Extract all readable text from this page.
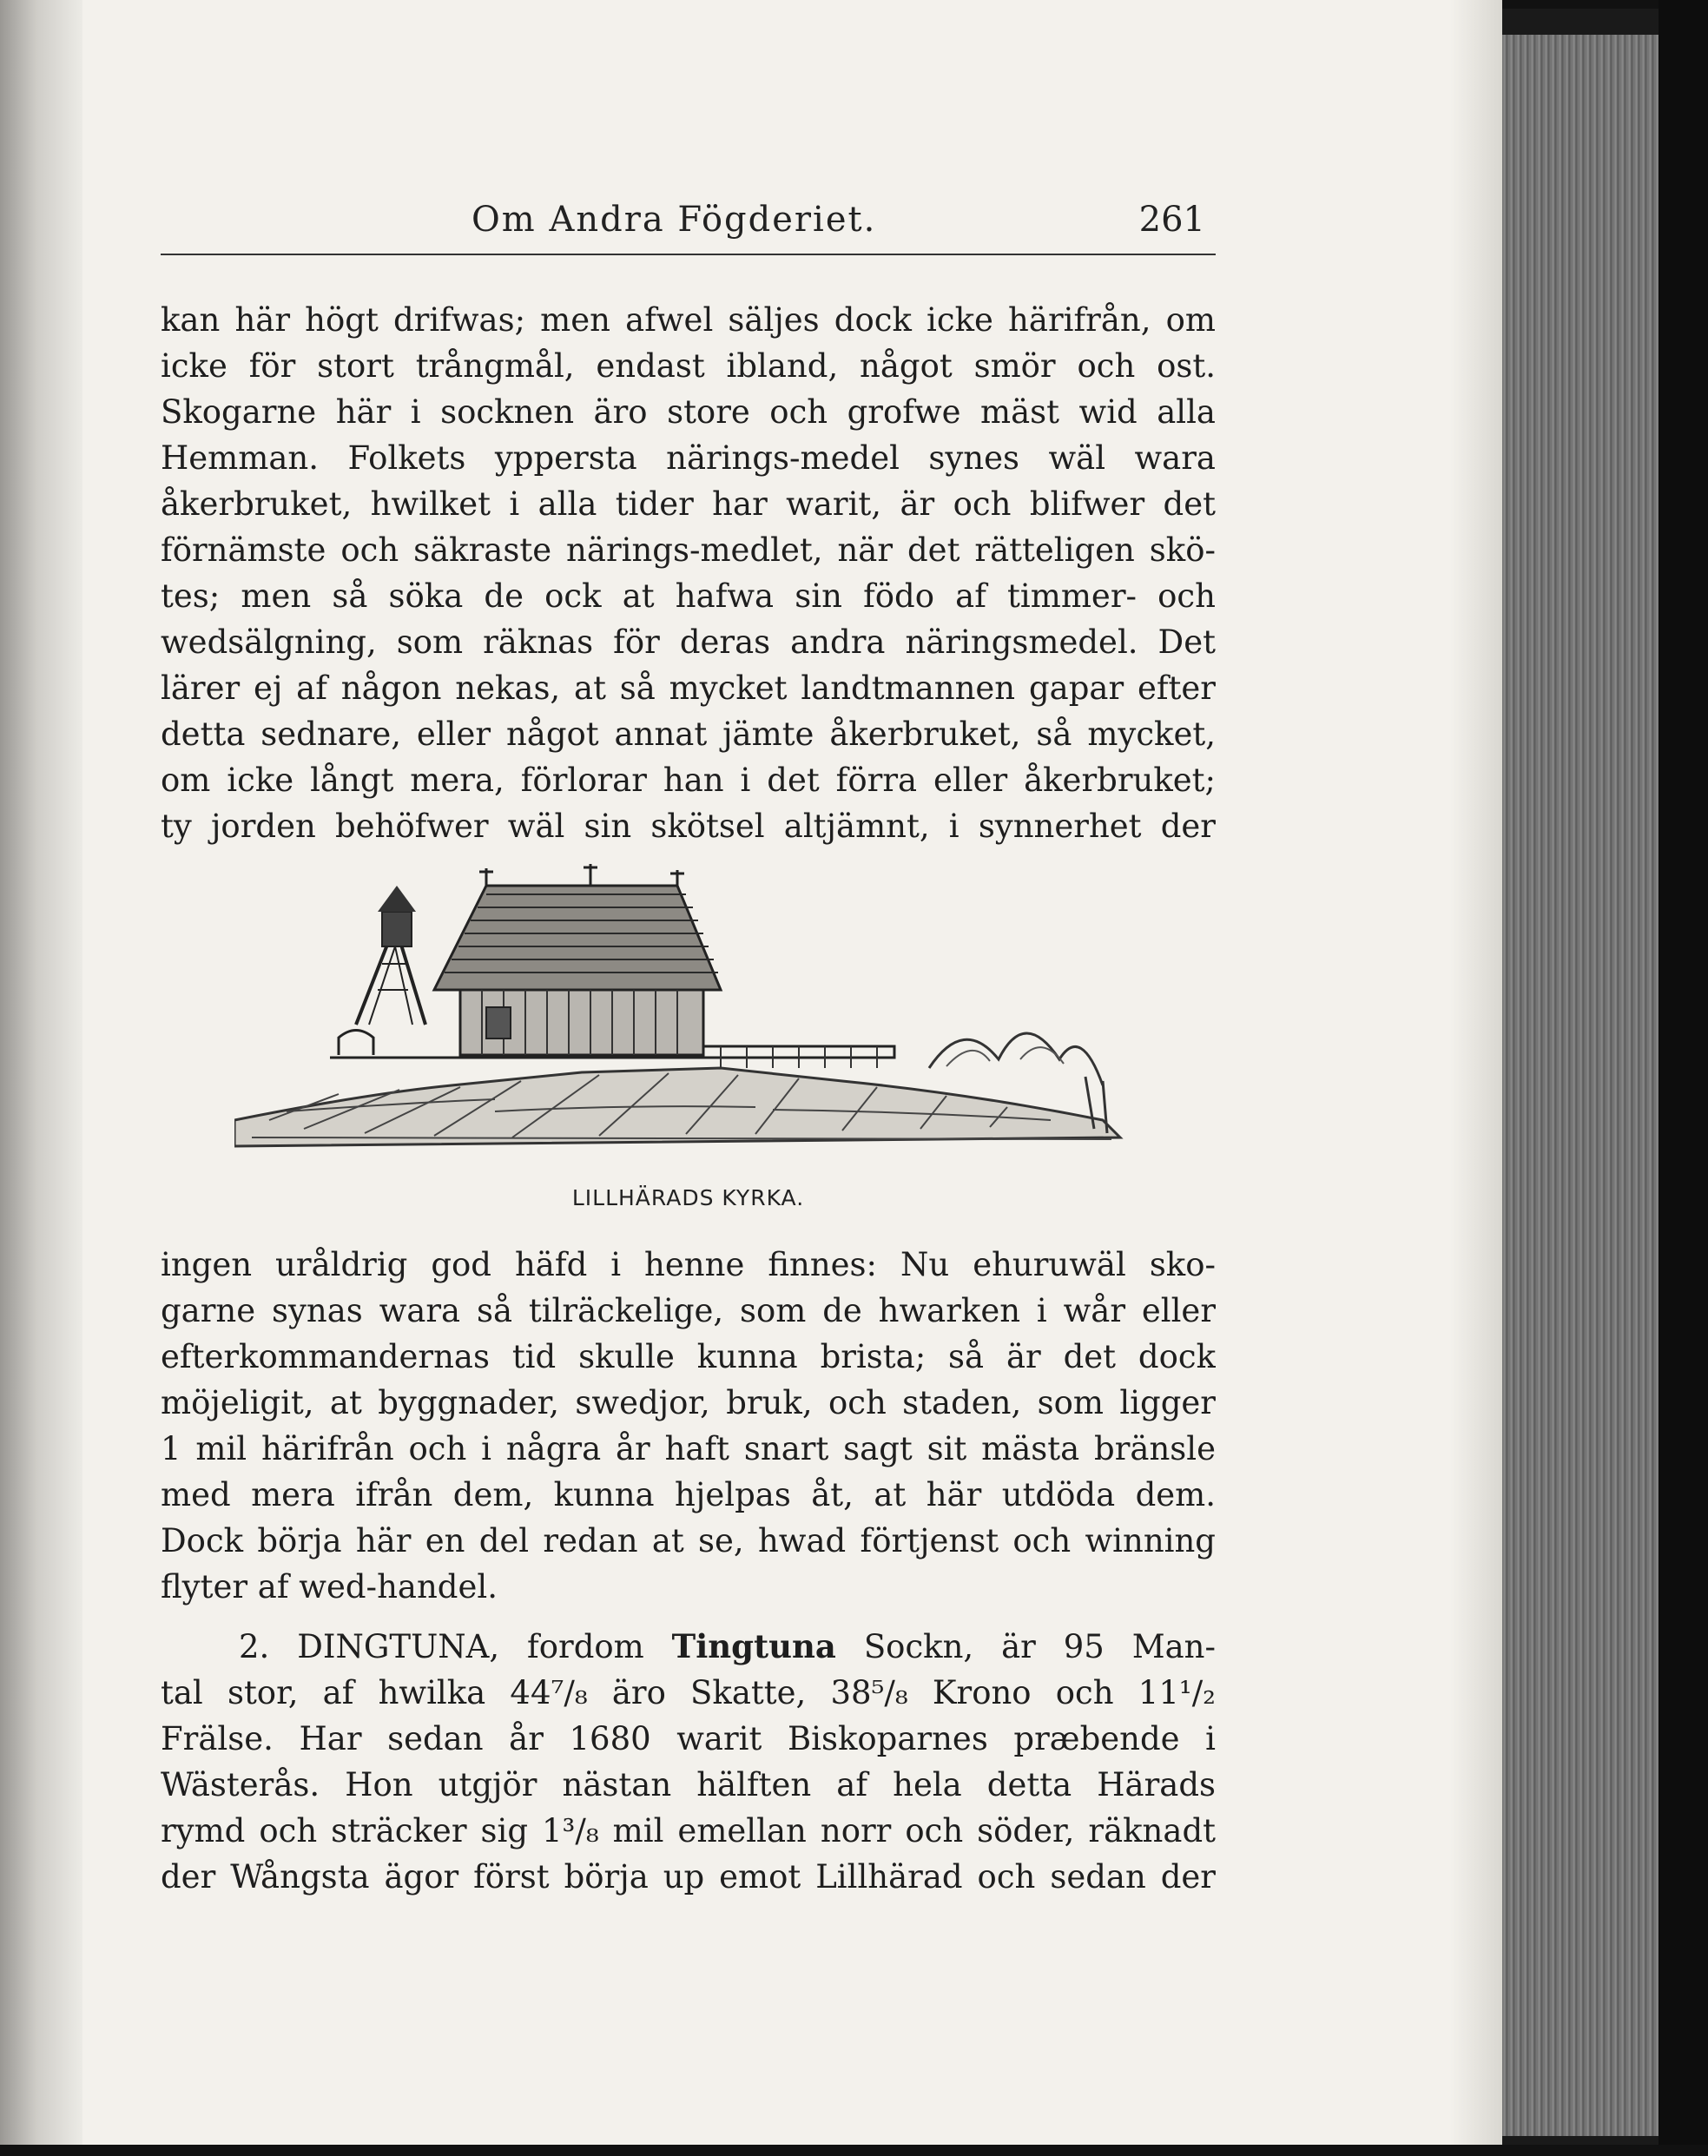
Om Andra Fögderiet.	261
kan här högt drifwas; men afwel säljes dock icke härifrån, om
icke för stort trångmål, endast ibland, något smör och ost.
Skogarne här i socknen äro store och grofwe mäst wid alla
Hemman. Folkets yppersta närings-medel synes wäl wara
åkerbruket, hwilket i alla tider har warit, är och blifwer det
förnämste och säkraste närings-medlet, när det rätteligen skö-
tes; men så söka de ock at hafwa sin födo af timmer- och
wedsälgning, som räknas för deras andra näringsmedel. Det
lärer ej af någon nekas, at så mycket landtmannen gapar efter
detta sednare, eller något annat jämte åkerbruket, så mycket,
om icke långt mera, förlorar han i det förra eller åkerbruket;
ty jorden behöfwer wäl sin skötsel altjämnt, i synnerhet der
LILLHÄRADS KYRKA.
ingen uråldrig god häfd i henne finnes: Nu ehuruwäl sko-
garne synas wara så tilräckelige, som de hwarken i wår eller
efterkommandernas tid skulle kunna brista; så är det dock
möjeligit, at byggnader, swedjor, bruk, och staden, som ligger
1 mil härifrån och i några år haft snart sagt sit mästa bränsle
med mera ifrån dem, kunna hjelpas åt, at här utdöda dem.
Dock börja här en del redan at se, hwad förtjenst och winning
flyter af wed-handel.
2. DINGTUNA, fordom Tingtuna Sockn, är 95 Man-
tal stor, af hwilka 44⁷/₈ äro Skatte, 38⁵/₈ Krono och 11¹/₂
Frälse. Har sedan år 1680 warit Biskoparnes præbende i
Wästerås. Hon utgjör nästan hälften af hela detta Härads
rymd och sträcker sig 1³/₈ mil emellan norr och söder, räknadt
der Wångsta ägor först börja up emot Lillhärad och sedan der
